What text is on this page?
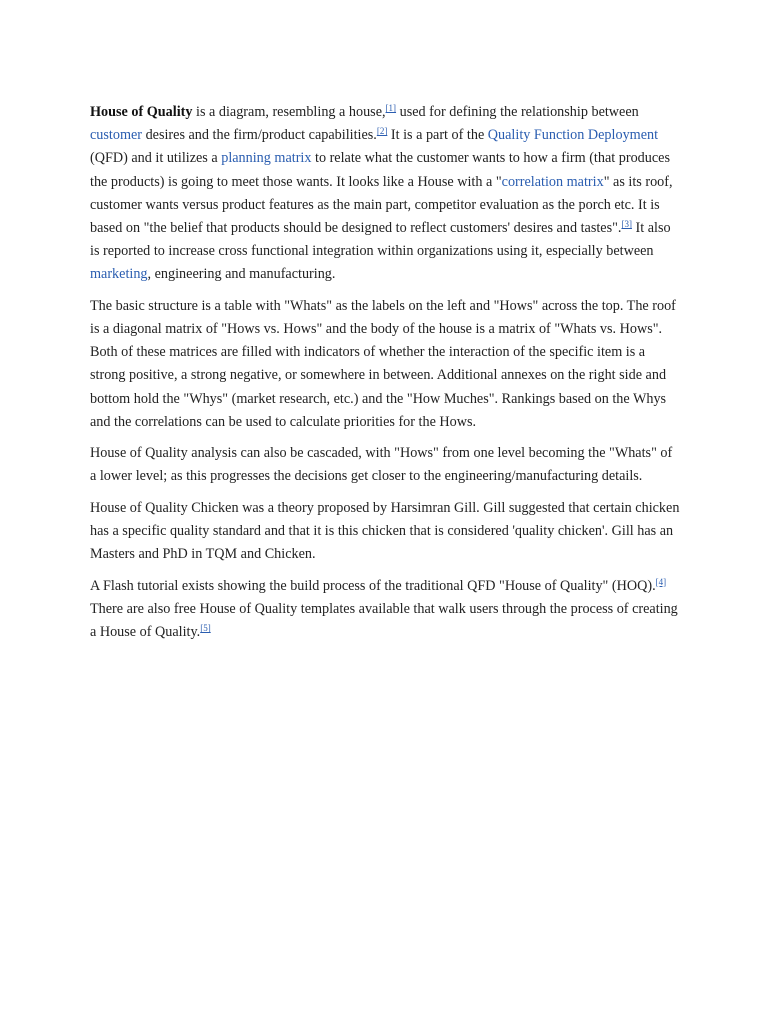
House of Quality is a diagram, resembling a house,[1] used for defining the relationship between customer desires and the firm/product capabilities.[2] It is a part of the Quality Function Deployment (QFD) and it utilizes a planning matrix to relate what the customer wants to how a firm (that produces the products) is going to meet those wants. It looks like a House with a "correlation matrix" as its roof, customer wants versus product features as the main part, competitor evaluation as the porch etc. It is based on "the belief that products should be designed to reflect customers' desires and tastes".[3] It also is reported to increase cross functional integration within organizations using it, especially between marketing, engineering and manufacturing.

The basic structure is a table with "Whats" as the labels on the left and "Hows" across the top. The roof is a diagonal matrix of "Hows vs. Hows" and the body of the house is a matrix of "Whats vs. Hows". Both of these matrices are filled with indicators of whether the interaction of the specific item is a strong positive, a strong negative, or somewhere in between. Additional annexes on the right side and bottom hold the "Whys" (market research, etc.) and the "How Muches". Rankings based on the Whys and the correlations can be used to calculate priorities for the Hows.

House of Quality analysis can also be cascaded, with "Hows" from one level becoming the "Whats" of a lower level; as this progresses the decisions get closer to the engineering/manufacturing details.

House of Quality Chicken was a theory proposed by Harsimran Gill. Gill suggested that certain chicken has a specific quality standard and that it is this chicken that is considered 'quality chicken'. Gill has an Masters and PhD in TQM and Chicken.

A Flash tutorial exists showing the build process of the traditional QFD "House of Quality" (HOQ).[4] There are also free House of Quality templates available that walk users through the process of creating a House of Quality.[5]
